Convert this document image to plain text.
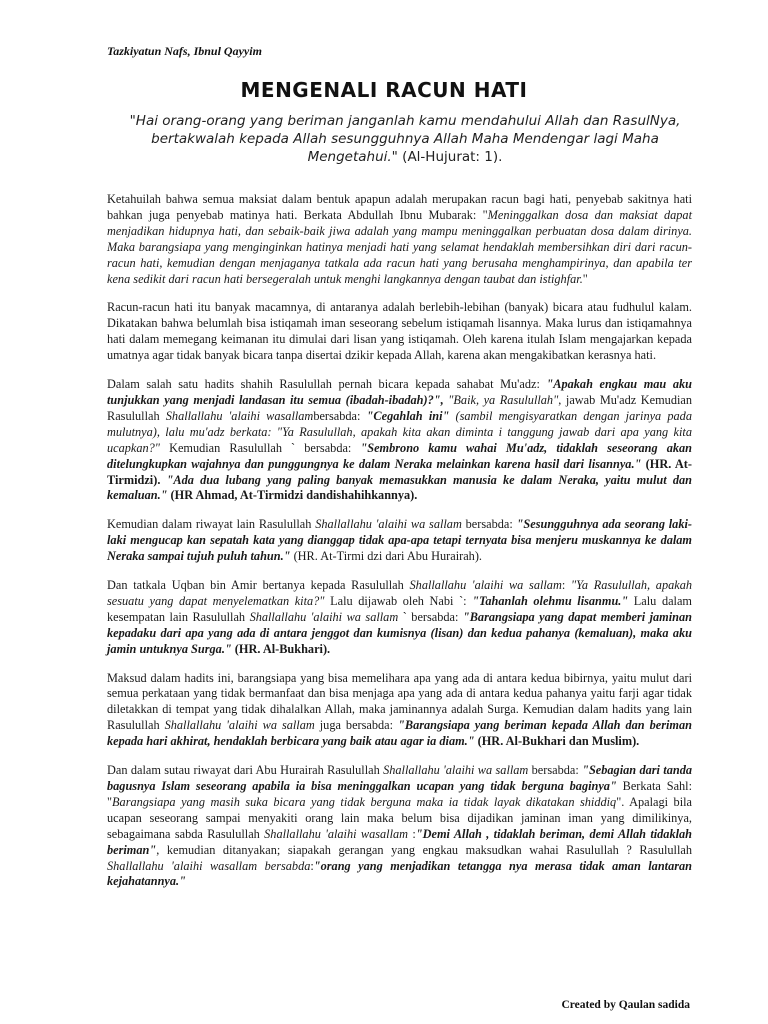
Tazkiyatun Nafs, Ibnul Qayyim
MENGENALI RACUN HATI
"Hai orang-orang yang beriman janganlah kamu mendahului Allah dan RasulNya, bertakwalah kepada Allah sesungguhnya Allah Maha Mendengar lagi Maha Mengetahui." (Al-Hujurat: 1).

Ketahuilah bahwa semua maksiat dalam bentuk apapun adalah merupakan racun bagi hati, penyebab sakitnya hati bahkan juga penyebab matinya hati. Berkata Abdullah Ibnu Mubarak: "Meninggalkan dosa dan maksiat dapat menjadikan hidupnya hati, dan sebaik-baik jiwa adalah yang mampu meninggalkan perbuatan dosa dalam dirinya. Maka barangsiapa yang menginginkan hatinya menjadi hati yang selamat hendaklah membersihkan diri dari racun-racun hati, kemudian dengan menjaganya tatkala ada racun hati yang berusaha menghampirinya, dan apabila ter kena sedikit dari racun hati bersegeralah untuk menghi langkannya dengan taubat dan istighfar."

Racun-racun hati itu banyak macamnya, di antaranya adalah berlebih-lebihan (banyak) bicara atau fudhulul kalam. Dikatakan bahwa belumlah bisa istiqamah iman seseorang sebelum istiqamah lisannya. Maka lurus dan istiqamahnya hati dalam memegang keimanan itu dimulai dari lisan yang istiqamah. Oleh karena itulah Islam mengajarkan kepada umatnya agar tidak banyak bicara tanpa disertai dzikir kepada Allah, karena akan mengakibatkan kerasnya hati.

Dalam salah satu hadits shahih Rasulullah pernah bicara kepada sahabat Mu'adz: "Apakah engkau mau aku tunjukkan yang menjadi landasan itu semua (ibadah-ibadah)?", "Baik, ya Rasulullah", jawab Mu'adz Kemudian Rasulullah Shallallahu 'alaihi wasallambersabda: "Cegahlah ini" (sambil mengisyaratkan dengan jarinya pada mulutnya), lalu mu'adz berkata: "Ya Rasulullah, apakah kita akan diminta i tanggung jawab dari apa yang kita ucapkan?" Kemudian Rasulullah ` bersabda: "Sembrono kamu wahai Mu'adz, tidaklah seseorang akan ditelungkupkan wajahnya dan punggungnya ke dalam Neraka melainkan karena hasil dari lisannya." (HR. At-Tirmidzi). "Ada dua lubang yang paling banyak memasukkan manusia ke dalam Neraka, yaitu mulut dan kemaluan." (HR Ahmad, At-Tirmidzi dandishahihkannya).

Kemudian dalam riwayat lain Rasulullah Shallallahu 'alaihi wa sallam bersabda: "Sesungguhnya ada seorang laki-laki mengucap kan sepatah kata yang dianggap tidak apa-apa tetapi ternyata bisa menjeru muskannya ke dalam Neraka sampai tujuh puluh tahun." (HR. At-Tirmi dzi dari Abu Hurairah).

Dan tatkala Uqban bin Amir bertanya kepada Rasulullah Shallallahu 'alaihi wa sallam: "Ya Rasulullah, apakah sesuatu yang dapat menyelematkan kita?" Lalu dijawab oleh Nabi `: "Tahanlah olehmu lisanmu." Lalu dalam kesempatan lain Rasulullah Shallallahu 'alaihi wa sallam ` bersabda: "Barangsiapa yang dapat memberi jaminan kepadaku dari apa yang ada di antara jenggot dan kumisnya (lisan) dan kedua pahanya (kemaluan), maka aku jamin untuknya Surga." (HR. Al-Bukhari).

Maksud dalam hadits ini, barangsiapa yang bisa memelihara apa yang ada di antara kedua bibirnya, yaitu mulut dari semua perkataan yang tidak bermanfaat dan bisa menjaga apa yang ada di antara kedua pahanya yaitu farji agar tidak diletakkan di tempat yang tidak dihalalkan Allah, maka jaminannya adalah Surga. Kemudian dalam hadits yang lain Rasulullah Shallallahu 'alaihi wa sallam juga bersabda: "Barangsiapa yang beriman kepada Allah dan beriman kepada hari akhirat, hendaklah berbicara yang baik atau agar ia diam." (HR. Al-Bukhari dan Muslim).

Dan dalam sutau riwayat dari Abu Hurairah Rasulullah Shallallahu 'alaihi wa sallam bersabda: "Sebagian dari tanda bagusnya Islam seseorang apabila ia bisa meninggalkan ucapan yang tidak berguna baginya" Berkata Sahl: "Barangsiapa yang masih suka bicara yang tidak berguna maka ia tidak layak dikatakan shiddiq". Apalagi bila ucapan seseorang sampai menyakiti orang lain maka belum bisa dijadikan jaminan iman yang dimilikinya, sebagaimana sabda Rasulullah Shallallahu 'alaihi wasallam :"Demi Allah , tidaklah beriman, demi Allah tidaklah beriman", kemudian ditanyakan; siapakah gerangan yang engkau maksudkan wahai Rasulullah ? Rasulullah Shallallahu 'alaihi wasallam bersabda:"orang yang menjadikan tetangga nya merasa tidak aman lantaran kejahatannya."

Created by Qaulan sadida
